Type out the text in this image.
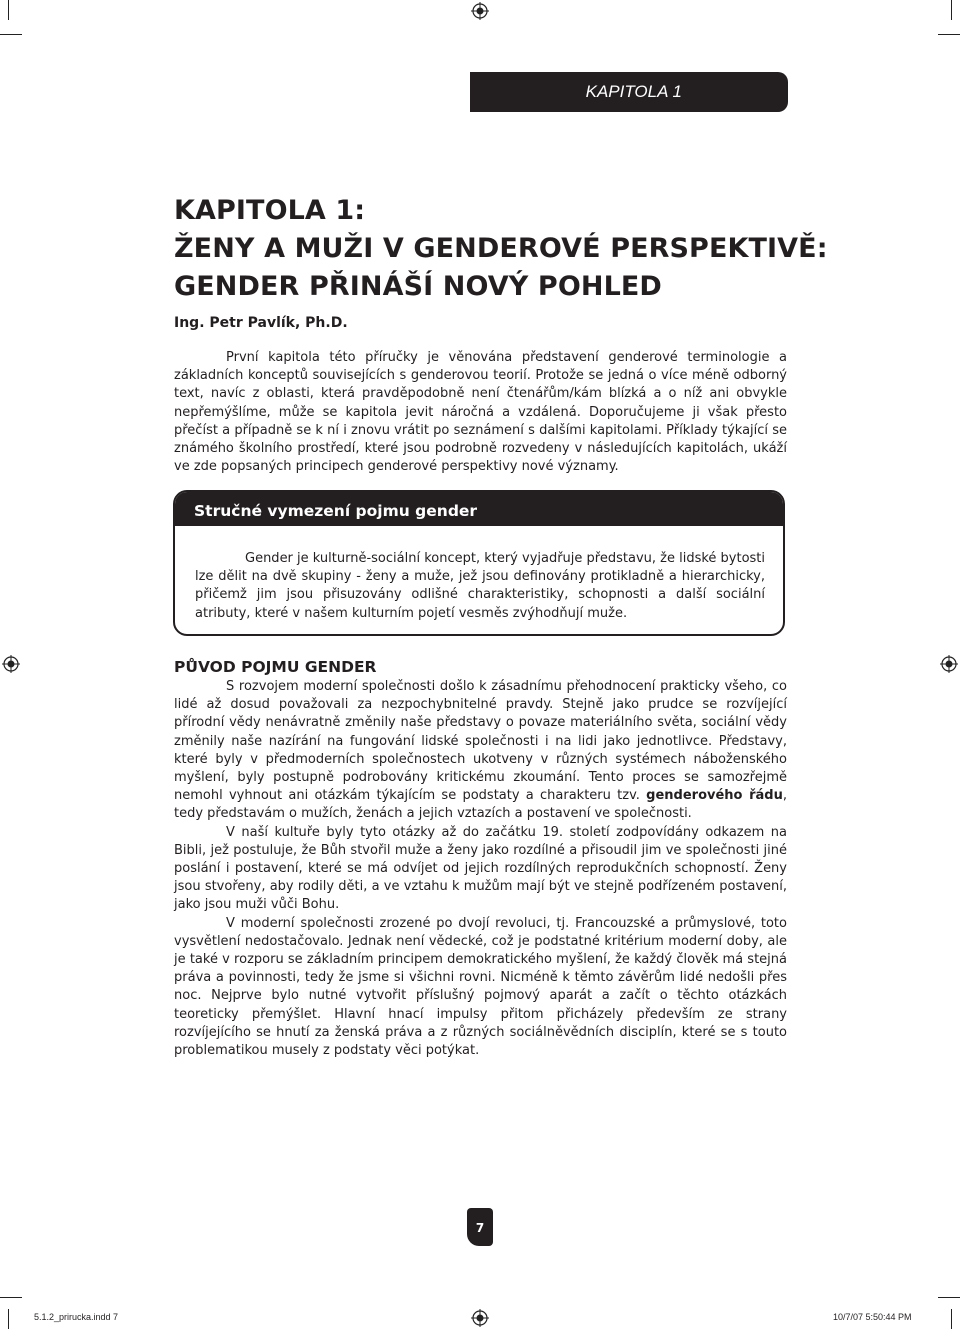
KAPITOLA 1
KAPITOLA 1:
ŽENY A MUŽI V GENDEROVÉ PERSPEKTIVĚ:
GENDER PŘINÁŠÍ NOVÝ POHLED
Ing. Petr Pavlík, Ph.D.

První kapitola této příručky je věnována představení genderové terminologie a základních konceptů souvisejících s genderovou teorií. Protože se jedná o více méně odborný text, navíc z oblasti, která pravděpodobně není čtenářům/kám blízká a o níž ani obvykle nepřemýšlíme, může se kapitola jevit náročná a vzdálená. Doporučujeme ji však přesto přečíst a případně se k ní i znovu vrátit po seznámení s dalšími kapitolami. Příklady týkající se známého školního prostředí, které jsou podrobně rozvedeny v následujících kapitolách, ukáží ve zde popsaných principech genderové perspektivy nové významy.

Stručné vymezení pojmu gender

Gender je kulturně-sociální koncept, který vyjadřuje představu, že lidské bytosti lze dělit na dvě skupiny - ženy a muže, jež jsou definovány protikladně a hierarchicky, přičemž jim jsou přisuzovány odlišné charakteristiky, schopnosti a další sociální atributy, které v našem kulturním pojetí vesměs zvýhodňují muže.

PŮVOD POJMU GENDER

S rozvojem moderní společnosti došlo k zásadnímu přehodnocení prakticky všeho, co lidé až dosud považovali za nezpochybnitelné pravdy. Stejně jako prudce se rozvíjející přírodní vědy nenávratně změnily naše představy o povaze materiálního světa, sociální vědy změnily naše nazírání na fungování lidské společnosti i na lidi jako jednotlivce. Představy, které byly v předmoderních společnostech ukotveny v různých systémech náboženského myšlení, byly postupně podrobovány kritickému zkoumání. Tento proces se samozřejmě nemohl vyhnout ani otázkám týkajícím se podstaty a charakteru tzv. genderového řádu, tedy představám o mužích, ženách a jejich vztazích a postavení ve společnosti.

V naší kultuře byly tyto otázky až do začátku 19. století zodpovídány odkazem na Bibli, jež postuluje, že Bůh stvořil muže a ženy jako rozdílné a přisoudil jim ve společnosti jiné poslání i postavení, které se má odvíjet od jejich rozdílných reprodukčních schopností. Ženy jsou stvořeny, aby rodily děti, a ve vztahu k mužům mají být ve stejně podřízeném postavení, jako jsou muži vůči Bohu.

V moderní společnosti zrozené po dvojí revoluci, tj. Francouzské a průmyslové, toto vysvětlení nedostačovalo. Jednak není vědecké, což je podstatné kritérium moderní doby, ale je také v rozporu se základním principem demokratického myšlení, že každý člověk má stejná práva a povinnosti, tedy že jsme si všichni rovni. Nicméně k těmto závěrům lidé nedošli přes noc. Nejprve bylo nutné vytvořit příslušný pojmový aparát a začít o těchto otázkách teoreticky přemýšlet. Hlavní hnací impulsy přitom přicházely především ze strany rozvíjejícího se hnutí za ženská práva a z různých sociálněvědních disciplín, které se s touto problematikou musely z podstaty věci potýkat.

7
5.1.2_prirucka.indd 7	10/7/07 5:50:44 PM
